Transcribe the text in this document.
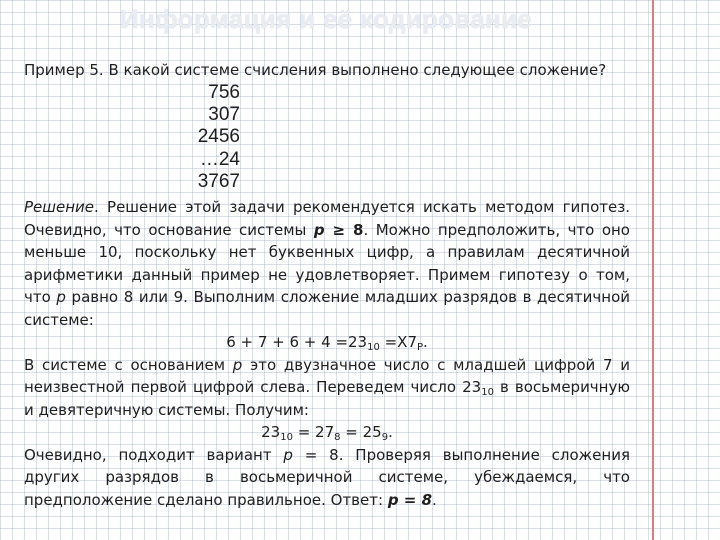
Информация и её кодирование
Пример 5. В какой системе счисления выполнено следующее сложение?
756
307
2456
…24
3767

Решение. Решение этой задачи рекомендуется искать методом гипотез. Очевидно, что основание системы р ≥ 8. Можно предположить, что оно меньше 10, поскольку нет буквенных цифр, а правилам десятичной арифметики данный пример не удовлетворяет. Примем гипотезу о том, что р равно 8 или 9. Выполним сложение младших разрядов в десятичной системе:

$6 + 7 + 6 + 4 =23_{10} =X7_P$.

В системе с основанием р это двузначное число с младшей цифрой 7 и неизвестной первой цифрой слева. Переведем число $23_{10}$ в восьмеричную и девятеричную системы. Получим:

$23_{10} = 27_8 = 25_9$.

Очевидно, подходит вариант р = 8. Проверяя выполнение сложения других разрядов в восьмеричной системе, убеждаемся, что предположение сделано правильное. Ответ: р = 8.
